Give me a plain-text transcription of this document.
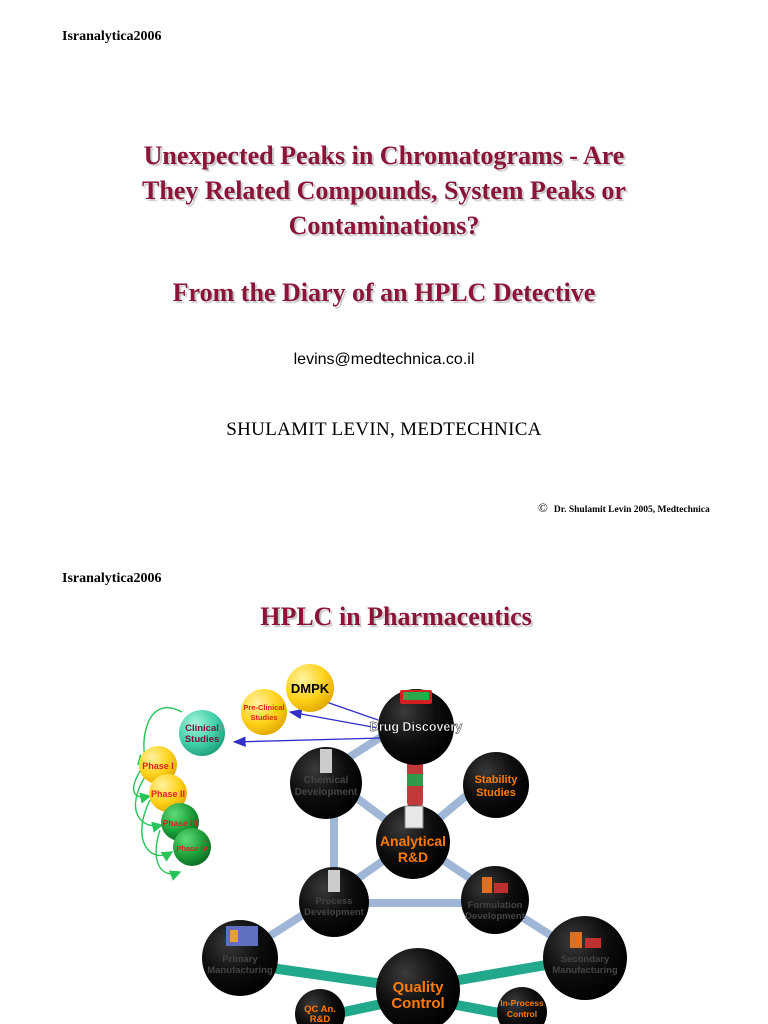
Isranalytica2006
Unexpected Peaks in Chromatograms - Are
They Related Compounds, System Peaks or
Contaminations?
From the Diary of an HPLC Detective
levins@medtechnica.co.il
SHULAMIT LEVIN, MEDTECHNICA
© Dr. Shulamit Levin 2005, Medtechnica
Isranalytica2006
HPLC in Pharmaceutics
DMPK
Pre-Clinical
Studies
Clinical
Studies
Phase I
Phase II
Phase III
Phase IV
Drug Discovery
Chemical
Development
Stability
Studies
Analytical
R&D
Process
Development
Formulation
Development
Primary
Manufacturing
Secondary
Manufacturing
Quality
Control
QC An.
R&D
In-Process
Control
